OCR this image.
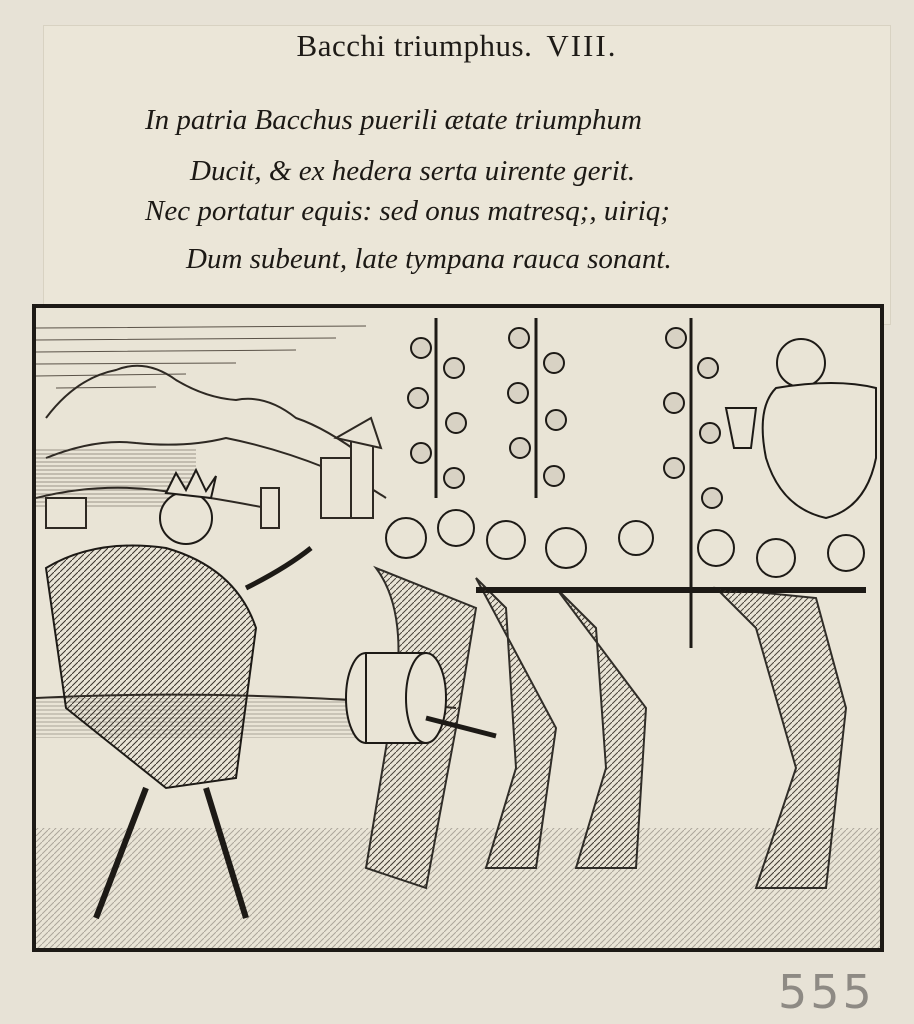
Bacchi triumphus. VIII.
In patria Bacchus puerili ætate triumphum
Ducit, & ex hedera serta uirente gerit.
Nec portatur equis: sed onus matresq;, uiriq;
Dum subeunt, late tympana rauca sonant.
555
